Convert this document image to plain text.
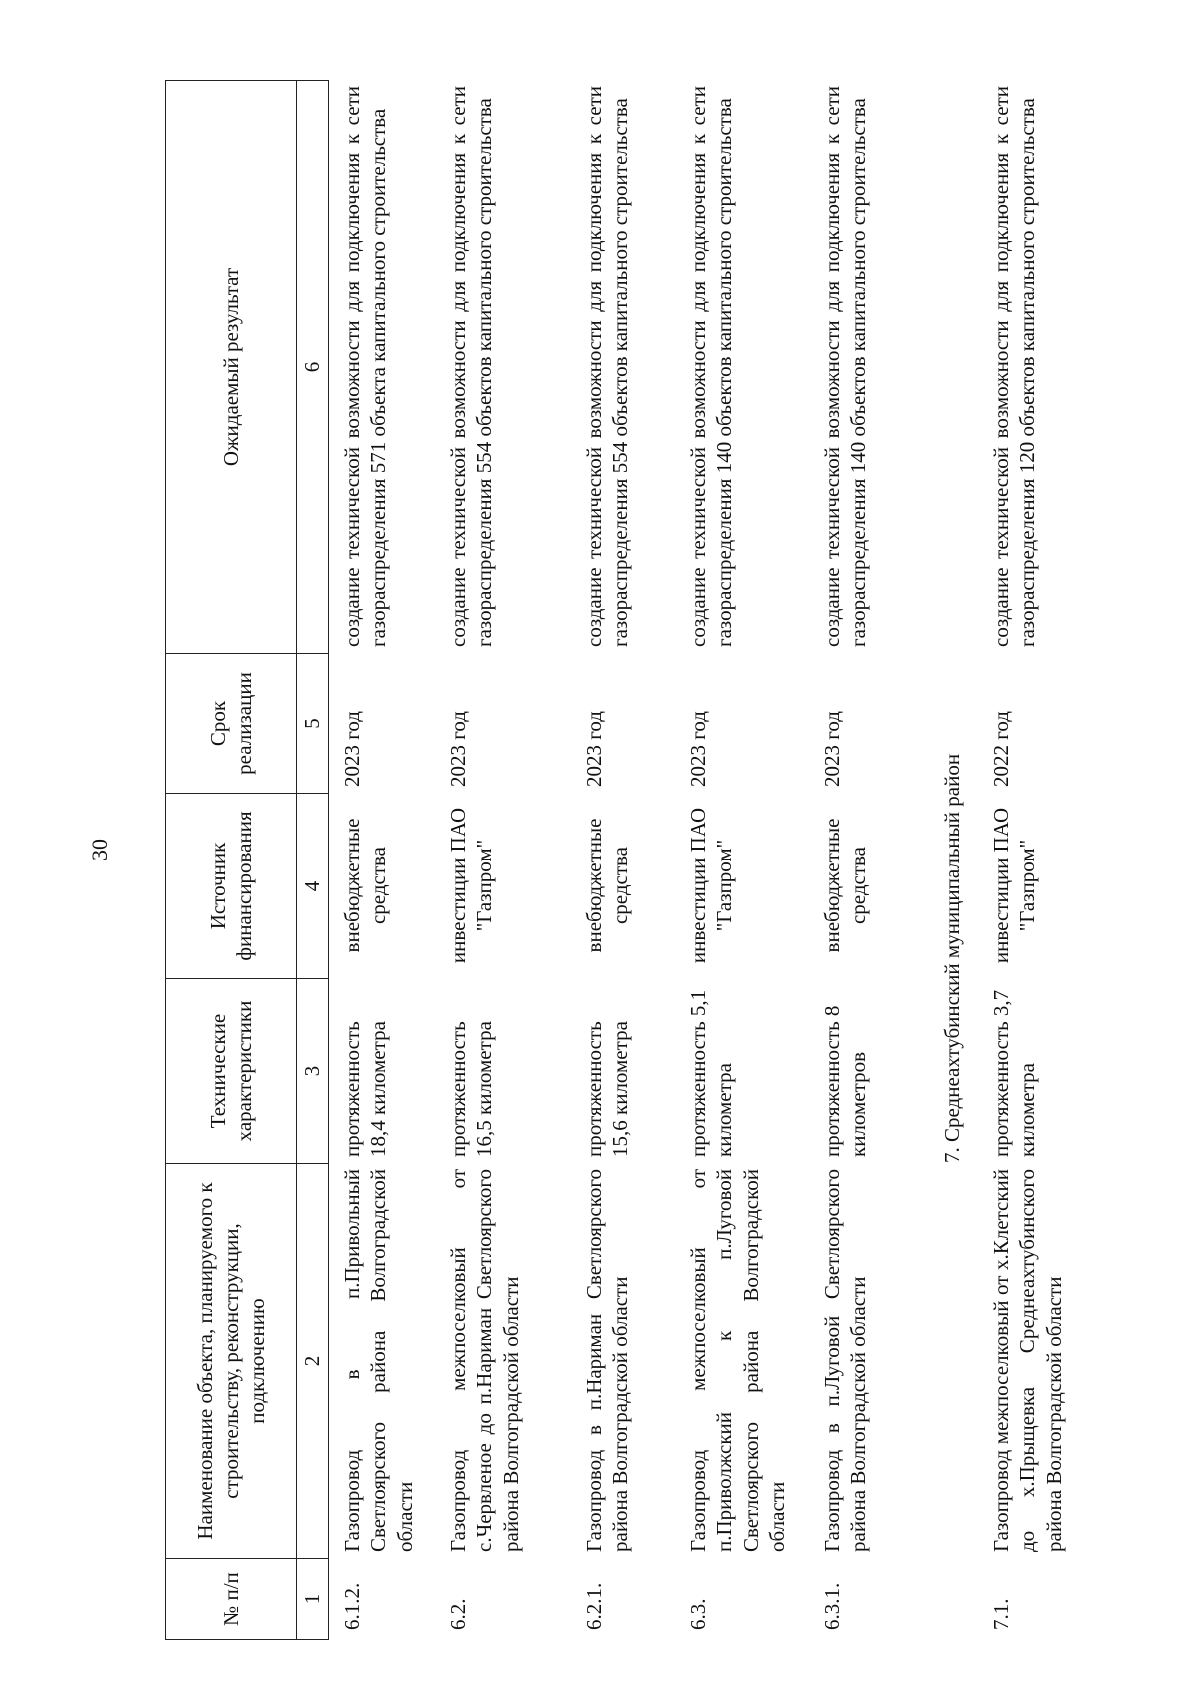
30
№ п/п
Наименование объекта, планируемого к строительству, реконструкции, подключению
Технические характеристики
Источник финансирования
Срок реализации
Ожидаемый результат
1
2
3
4
5
6
6.1.2.
Газопровод в п.Привольный Светлоярского района Волгоградской области
протяженность 18,4 километра
внебюджетные средства
2023 год
создание технической возможности для подключения к сети газораспределения 571 объекта капитального строительства
6.2.
Газопровод межпоселковый от с.Червленое до п.Нариман Светлоярского района Волгоградской области
протяженность 16,5 километра
инвестиции ПАО "Газпром"
2023 год
создание технической возможности для подключения к сети газораспределения 554 объектов капитального строительства
6.2.1.
Газопровод в п.Нариман Светлоярского района Волгоградской области
протяженность 15,6 километра
внебюджетные средства
2023 год
создание технической возможности для подключения к сети газораспределения 554 объектов капитального строительства
6.3.
Газопровод межпоселковый от п.Приволжский к п.Луговой Светлоярского района Волгоградской области
протяженность 5,1 километра
инвестиции ПАО "Газпром"
2023 год
создание технической возможности для подключения к сети газораспределения 140 объектов капитального строительства
6.3.1.
Газопровод в п.Луговой Светлоярского района Волгоградской области
протяженность 8 километров
внебюджетные средства
2023 год
создание технической возможности для подключения к сети газораспределения 140 объектов капитального строительства
7. Среднеахтубинский муниципальный район
7.1.
Газопровод межпоселковый от х.Клетский до х.Прыщевка Среднеахтубинского района Волгоградской области
протяженность 3,7 километра
инвестиции ПАО "Газпром"
2022 год
создание технической возможности для подключения к сети газораспределения 120 объектов капитального строительства
